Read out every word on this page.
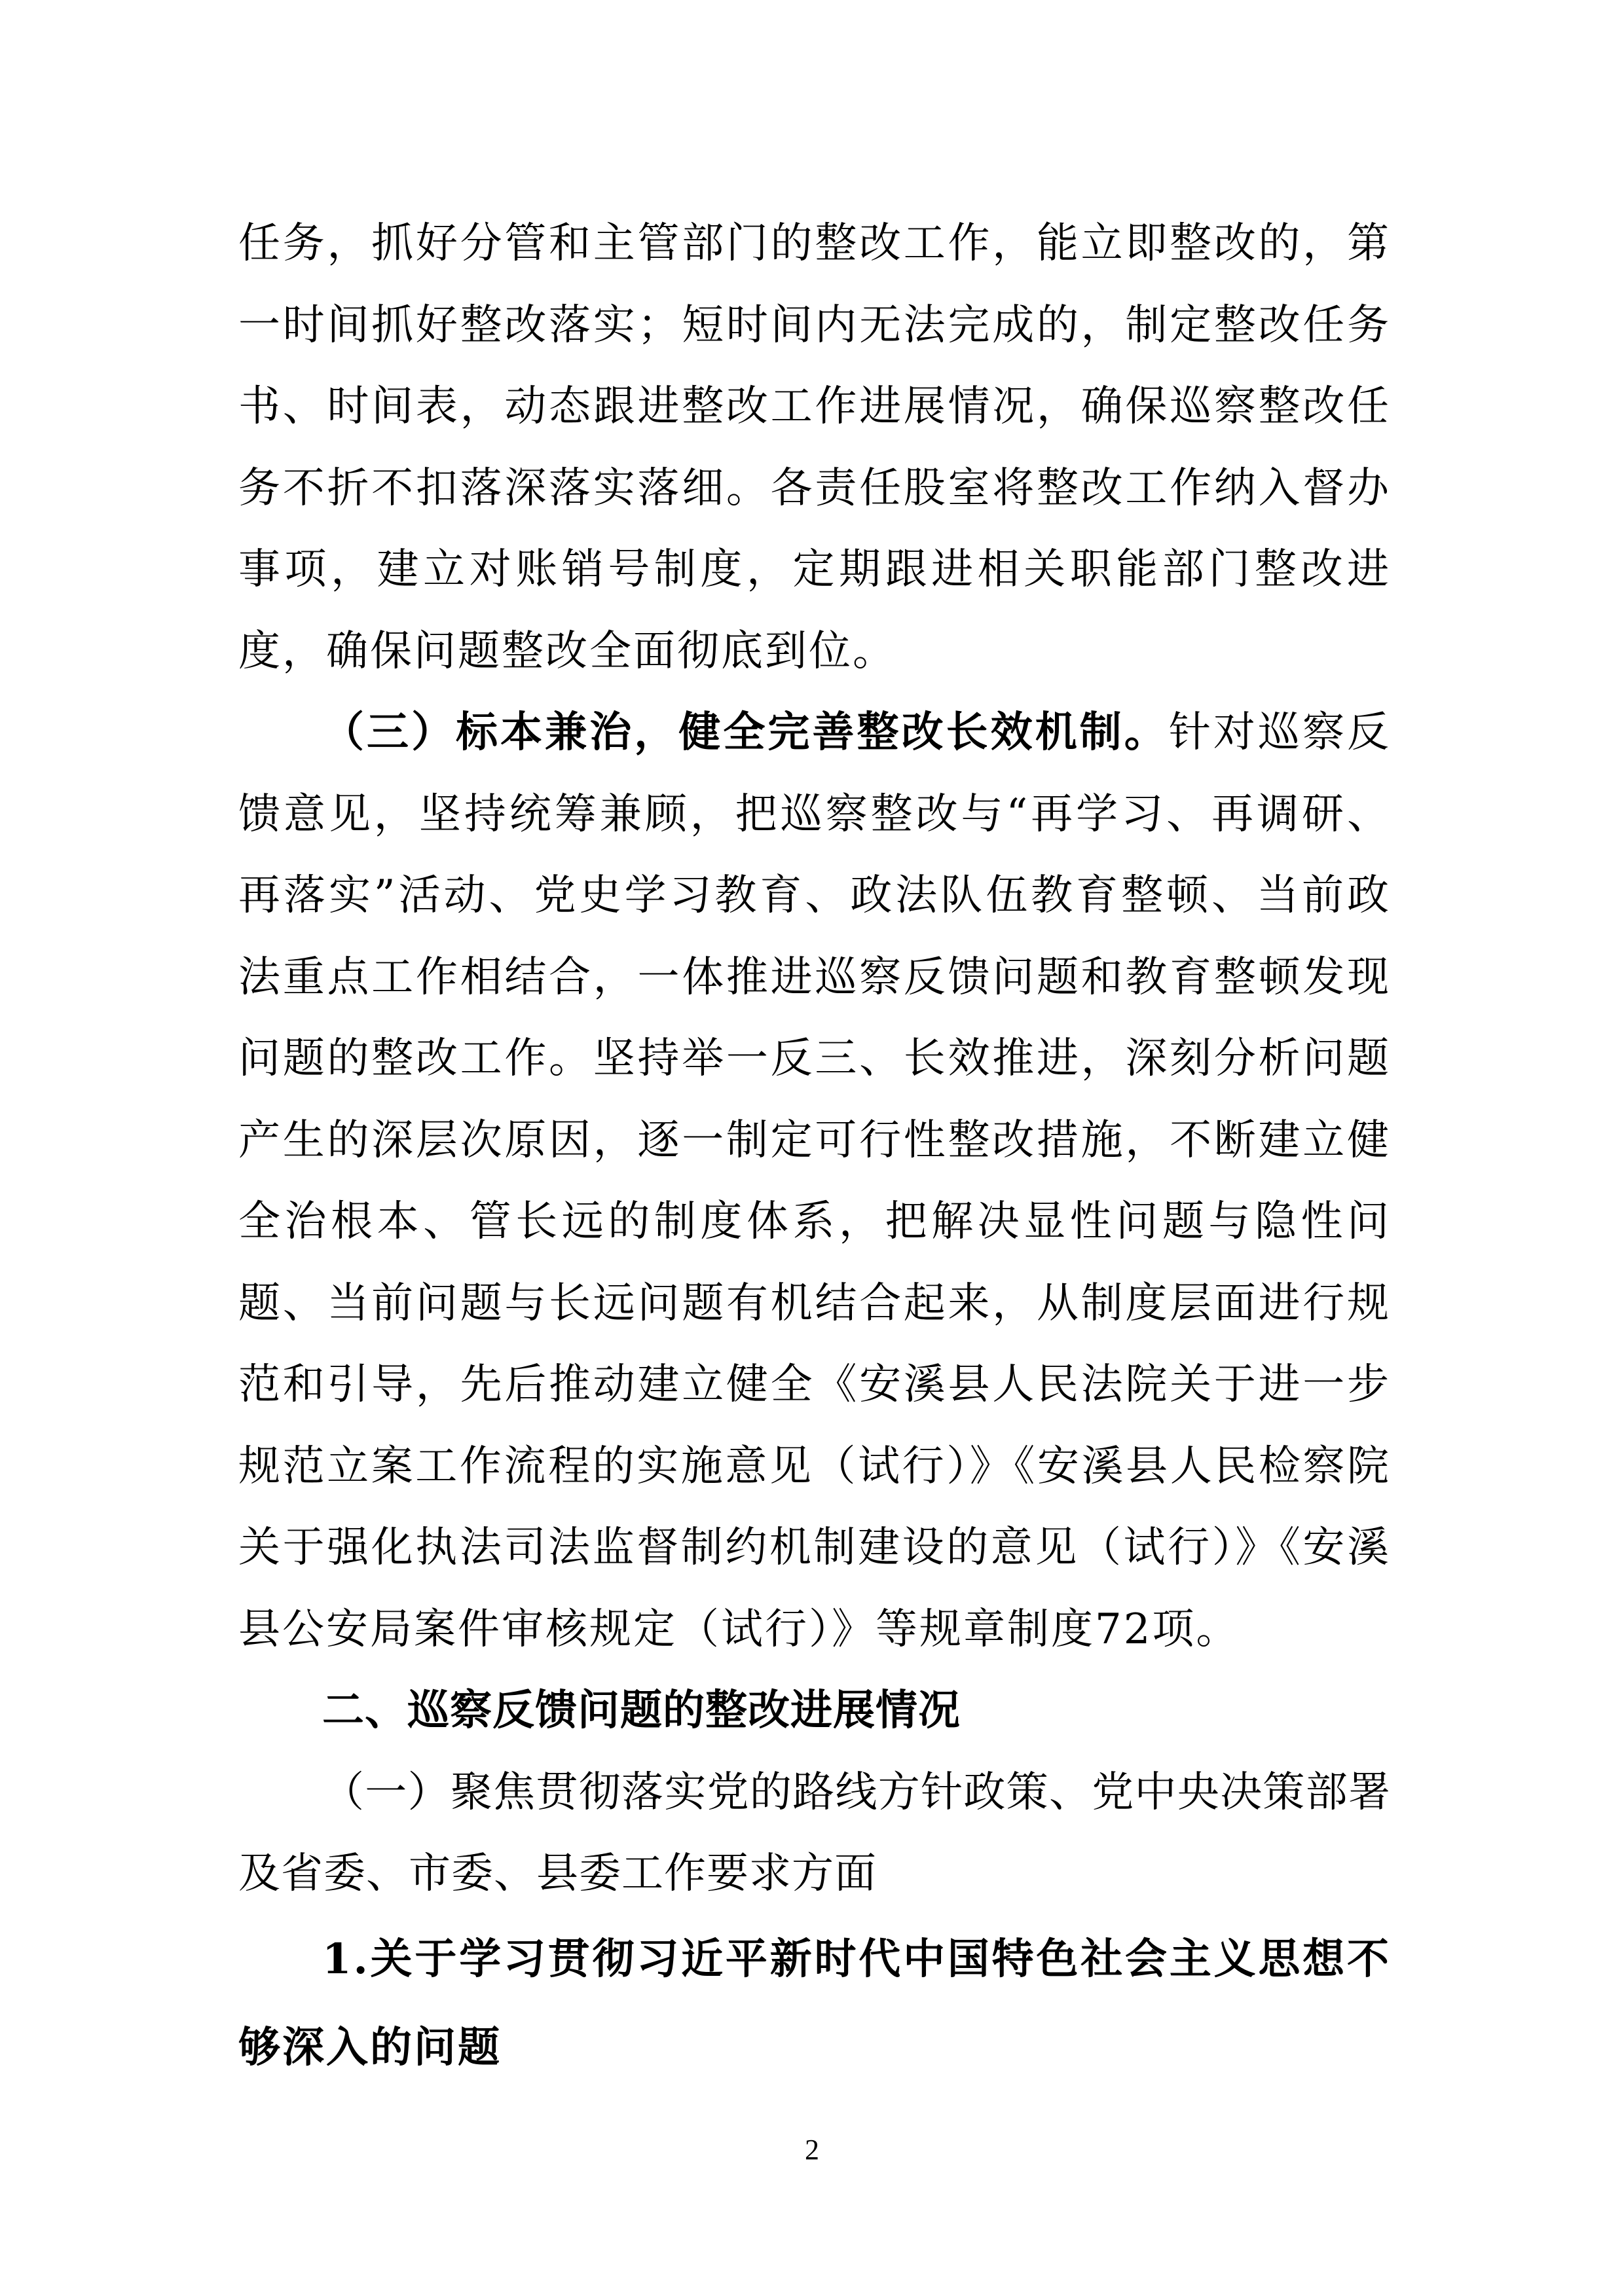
任务，抓好分管和主管部门的整改工作，能立即整改的，第一时间抓好整改落实；短时间内无法完成的，制定整改任务书、时间表，动态跟进整改工作进展情况，确保巡察整改任务不折不扣落深落实落细。各责任股室将整改工作纳入督办事项，建立对账销号制度，定期跟进相关职能部门整改进度，确保问题整改全面彻底到位。

（三）标本兼治，健全完善整改长效机制。针对巡察反馈意见，坚持统筹兼顾，把巡察整改与“再学习、再调研、再落实”活动、党史学习教育、政法队伍教育整顿、当前政法重点工作相结合，一体推进巡察反馈问题和教育整顿发现问题的整改工作。坚持举一反三、长效推进，深刻分析问题产生的深层次原因，逐一制定可行性整改措施，不断建立健全治根本、管长远的制度体系，把解决显性问题与隐性问题、当前问题与长远问题有机结合起来，从制度层面进行规范和引导，先后推动建立健全《安溪县人民法院关于进一步规范立案工作流程的实施意见（试行）》《安溪县人民检察院关于强化执法司法监督制约机制建设的意见（试行）》《安溪县公安局案件审核规定（试行）》等规章制度72项。

二、巡察反馈问题的整改进展情况

（一）聚焦贯彻落实党的路线方针政策、党中央决策部署及省委、市委、县委工作要求方面

1.关于学习贯彻习近平新时代中国特色社会主义思想不够深入的问题

2
